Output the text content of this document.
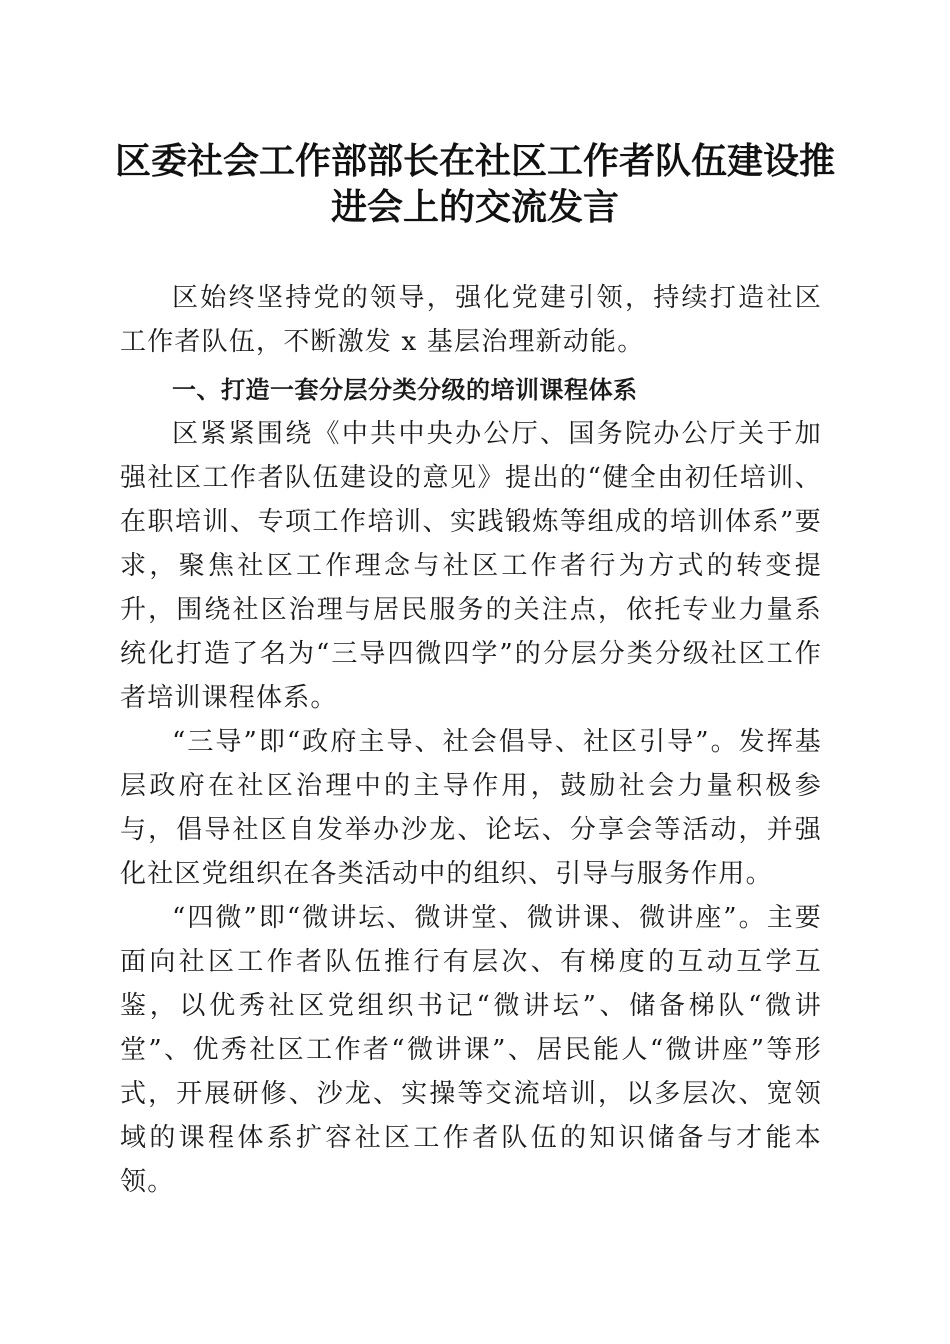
区委社会工作部部长在社区工作者队伍建设推
进会上的交流发言

区始终坚持党的领导，强化党建引领，持续打造社区工作者队伍，不断激发 x 基层治理新动能。

一、打造一套分层分类分级的培训课程体系

区紧紧围绕《中共中央办公厅、国务院办公厅关于加强社区工作者队伍建设的意见》提出的“健全由初任培训、在职培训、专项工作培训、实践锻炼等组成的培训体系”要求，聚焦社区工作理念与社区工作者行为方式的转变提升，围绕社区治理与居民服务的关注点，依托专业力量系统化打造了名为“三导四微四学”的分层分类分级社区工作者培训课程体系。

“三导”即“政府主导、社会倡导、社区引导”。发挥基层政府在社区治理中的主导作用，鼓励社会力量积极参与，倡导社区自发举办沙龙、论坛、分享会等活动，并强化社区党组织在各类活动中的组织、引导与服务作用。

“四微”即“微讲坛、微讲堂、微讲课、微讲座”。主要面向社区工作者队伍推行有层次、有梯度的互动互学互鉴，以优秀社区党组织书记“微讲坛”、储备梯队“微讲堂”、优秀社区工作者“微讲课”、居民能人“微讲座”等形式，开展研修、沙龙、实操等交流培训，以多层次、宽领域的课程体系扩容社区工作者队伍的知识储备与才能本领。
